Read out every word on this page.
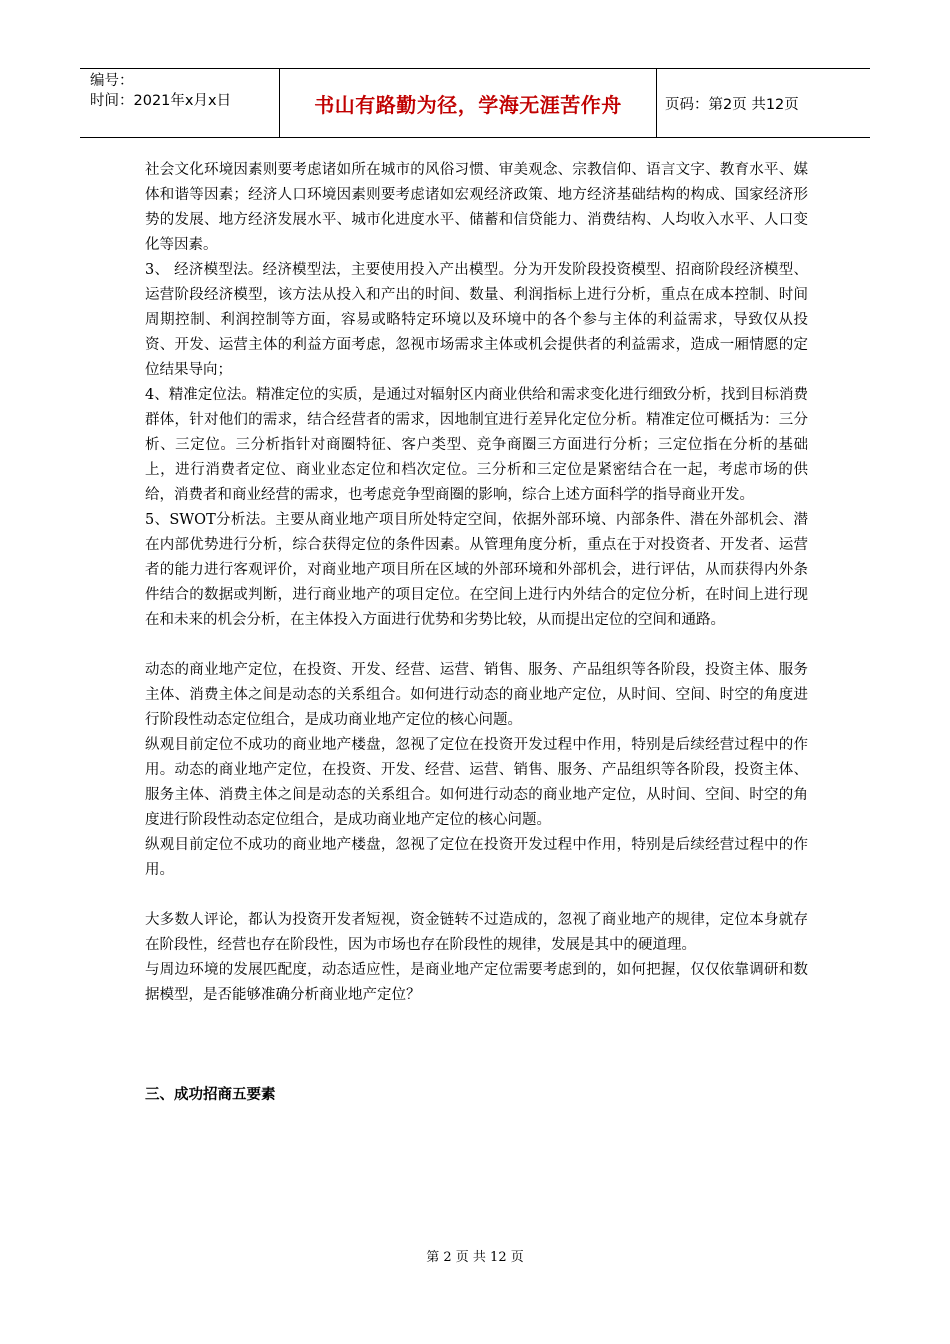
编号：
时间：2021年x月x日	书山有路勤为径，学海无涯苦作舟	页码：第2页 共12页

社会文化环境因素则要考虑诸如所在城市的风俗习惯、审美观念、宗教信仰、语言文字、教育水平、媒体和谐等因素；经济人口环境因素则要考虑诸如宏观经济政策、地方经济基础结构的构成、国家经济形势的发展、地方经济发展水平、城市化进度水平、储蓄和信贷能力、消费结构、人均收入水平、人口变化等因素。

3、 经济模型法。经济模型法，主要使用投入产出模型。分为开发阶段投资模型、招商阶段经济模型、运营阶段经济模型，该方法从投入和产出的时间、数量、利润指标上进行分析，重点在成本控制、时间周期控制、利润控制等方面，容易或略特定环境以及环境中的各个参与主体的利益需求，导致仅从投资、开发、运营主体的利益方面考虑，忽视市场需求主体或机会提供者的利益需求，造成一厢情愿的定位结果导向；

4、精准定位法。精准定位的实质，是通过对辐射区内商业供给和需求变化进行细致分析，找到目标消费群体，针对他们的需求，结合经营者的需求，因地制宜进行差异化定位分析。精准定位可概括为：三分析、三定位。三分析指针对商圈特征、客户类型、竞争商圈三方面进行分析；三定位指在分析的基础上，进行消费者定位、商业业态定位和档次定位。三分析和三定位是紧密结合在一起，考虑市场的供给，消费者和商业经营的需求，也考虑竞争型商圈的影响，综合上述方面科学的指导商业开发。

5、SWOT分析法。主要从商业地产项目所处特定空间，依据外部环境、内部条件、潜在外部机会、潜在内部优势进行分析，综合获得定位的条件因素。从管理角度分析，重点在于对投资者、开发者、运营者的能力进行客观评价，对商业地产项目所在区域的外部环境和外部机会，进行评估，从而获得内外条件结合的数据或判断，进行商业地产的项目定位。在空间上进行内外结合的定位分析，在时间上进行现在和未来的机会分析，在主体投入方面进行优势和劣势比较，从而提出定位的空间和通路。

动态的商业地产定位，在投资、开发、经营、运营、销售、服务、产品组织等各阶段，投资主体、服务主体、消费主体之间是动态的关系组合。如何进行动态的商业地产定位，从时间、空间、时空的角度进行阶段性动态定位组合，是成功商业地产定位的核心问题。

纵观目前定位不成功的商业地产楼盘，忽视了定位在投资开发过程中作用，特别是后续经营过程中的作用。动态的商业地产定位，在投资、开发、经营、运营、销售、服务、产品组织等各阶段，投资主体、服务主体、消费主体之间是动态的关系组合。如何进行动态的商业地产定位，从时间、空间、时空的角度进行阶段性动态定位组合，是成功商业地产定位的核心问题。

纵观目前定位不成功的商业地产楼盘，忽视了定位在投资开发过程中作用，特别是后续经营过程中的作用。

大多数人评论，都认为投资开发者短视，资金链转不过造成的，忽视了商业地产的规律，定位本身就存在阶段性，经营也存在阶段性，因为市场也存在阶段性的规律，发展是其中的硬道理。

与周边环境的发展匹配度，动态适应性，是商业地产定位需要考虑到的，如何把握，仅仅依靠调研和数据模型，是否能够准确分析商业地产定位？

三、成功招商五要素

第 2 页 共 12 页
